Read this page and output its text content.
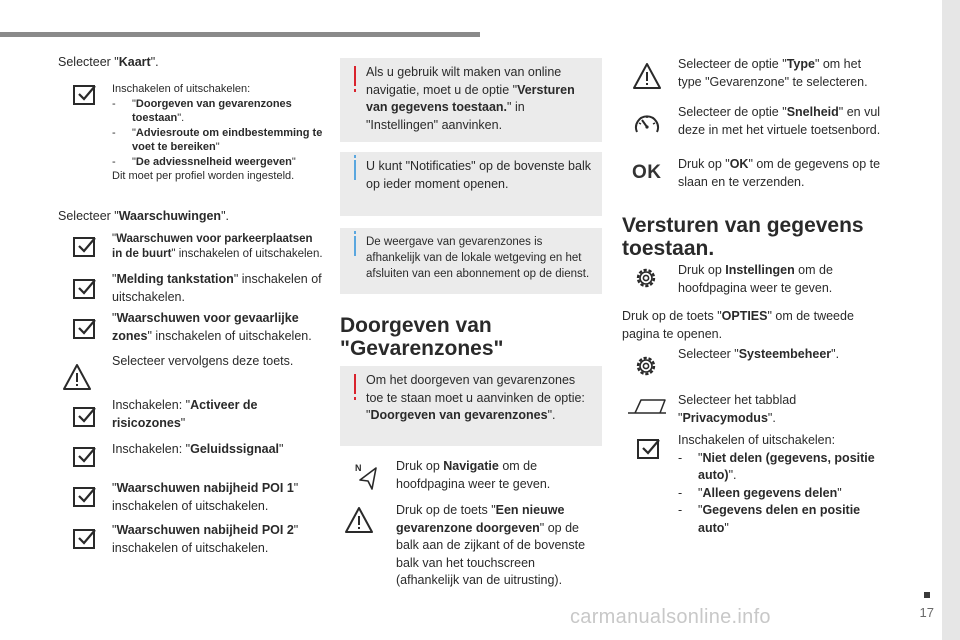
17
carmanualsonline.info
Selecteer "Kaart".
Inschakelen of uitschakelen:
- "Doorgeven van gevarenzones toestaan".
- "Adviesroute om eindbestemming te voet te bereiken"
- "De adviessnelheid weergeven"
Dit moet per profiel worden ingesteld.
Selecteer "Waarschuwingen".
"Waarschuwen voor parkeerplaatsen in de buurt" inschakelen of uitschakelen.
"Melding tankstation" inschakelen of uitschakelen.
"Waarschuwen voor gevaarlijke zones" inschakelen of uitschakelen.
Selecteer vervolgens deze toets.
Inschakelen: "Activeer de risicozones"
Inschakelen: "Geluidssignaal"
"Waarschuwen nabijheid POI 1" inschakelen of uitschakelen.
"Waarschuwen nabijheid POI 2" inschakelen of uitschakelen.
Als u gebruik wilt maken van online navigatie, moet u de optie "Versturen van gegevens toestaan." in "Instellingen" aanvinken.
U kunt "Notificaties" op de bovenste balk op ieder moment openen.
De weergave van gevarenzones is afhankelijk van de lokale wetgeving en het afsluiten van een abonnement op de dienst.
Doorgeven van "Gevarenzones"
Om het doorgeven van gevarenzones toe te staan moet u aanvinken de optie: "Doorgeven van gevarenzones".
N	Druk op Navigatie om de hoofdpagina weer te geven.
Druk op de toets "Een nieuwe gevarenzone doorgeven" op de balk aan de zijkant of de bovenste balk van het touchscreen (afhankelijk van de uitrusting).
Selecteer de optie "Type" om het type "Gevarenzone" te selecteren.
Selecteer de optie "Snelheid" en vul deze in met het virtuele toetsenbord.
OK Druk op "OK" om de gegevens op te slaan en te verzenden.
Versturen van gegevens toestaan.
Druk op Instellingen om de hoofdpagina weer te geven.
Druk op de toets "OPTIES" om de tweede pagina te openen.
Selecteer "Systeembeheer".
Selecteer het tabblad "Privacymodus".
Inschakelen of uitschakelen:
- "Niet delen (gegevens, positie auto)".
- "Alleen gegevens delen"
- "Gegevens delen en positie auto"
